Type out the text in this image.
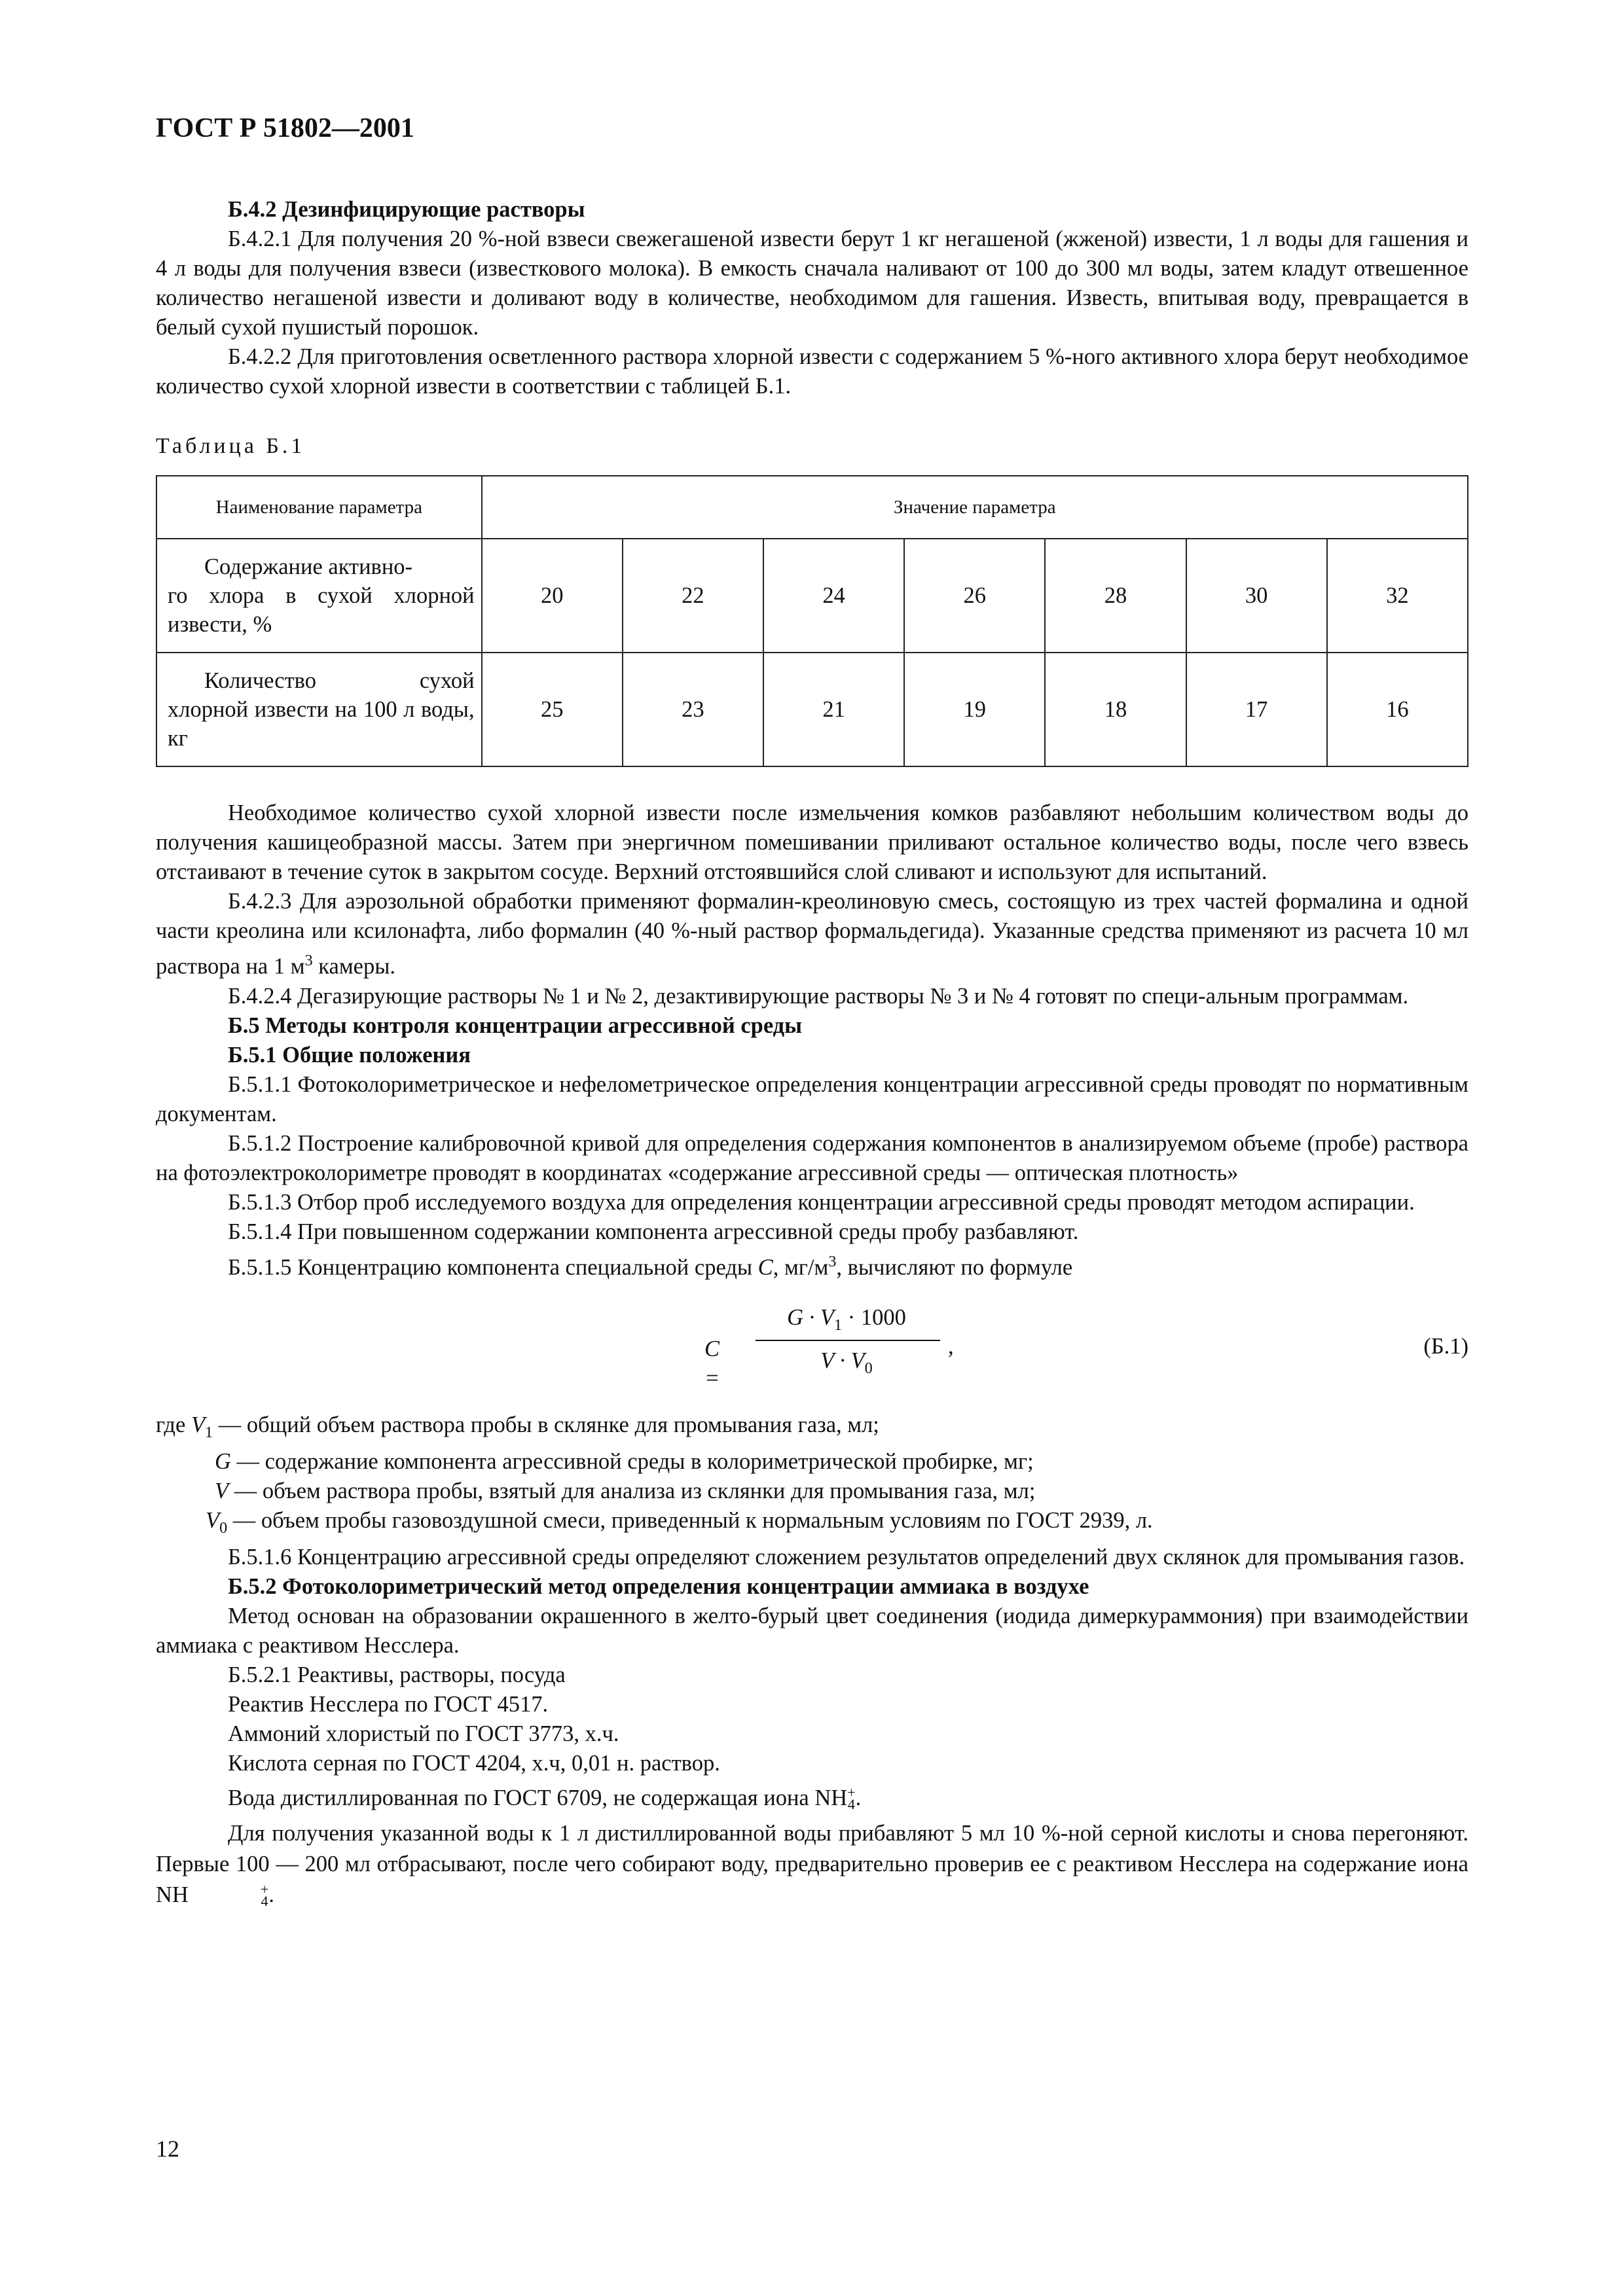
ГОСТ Р 51802—2001

Б.4.2 Дезинфицирующие растворы

Б.4.2.1 Для получения 20 %-ной взвеси свежегашеной извести берут 1 кг негашеной (жженой) извести, 1 л воды для гашения и 4 л воды для получения взвеси (известкового молока). В емкость сначала наливают от 100 до 300 мл воды, затем кладут отвешенное количество негашеной извести и доливают воду в количестве, необходимом для гашения. Известь, впитывая воду, превращается в белый сухой пушистый порошок.

Б.4.2.2 Для приготовления осветленного раствора хлорной извести с содержанием 5 %-ного активного хлора берут необходимое количество сухой хлорной извести в соответствии с таблицей Б.1.

Таблица Б.1
Наименование параметра	Значение параметра						

Содержание активно-
го хлора в сухой хлорной извести, %	20	22	24	26	28	30	32

Количество сухой
хлорной извести на 100 л воды, кг	25	23	21	19	18	17	16

Необходимое количество сухой хлорной извести после измельчения комков разбавляют небольшим количеством воды до получения кашицеобразной массы. Затем при энергичном помешивании приливают остальное количество воды, после чего взвесь отстаивают в течение суток в закрытом сосуде. Верхний отстоявшийся слой сливают и используют для испытаний.

Б.4.2.3 Для аэрозольной обработки применяют формалин-креолиновую смесь, состоящую из трех частей формалина и одной части креолина или ксилонафта, либо формалин (40 %-ный раствор формальдегида). Указанные средства применяют из расчета 10 мл раствора на 1 $м^3$ камеры.

Б.4.2.4 Дегазирующие растворы № 1 и № 2, дезактивирующие растворы № 3 и № 4 готовят по специ-альным программам.

Б.5 Методы контроля концентрации агрессивной среды

Б.5.1 Общие положения

Б.5.1.1 Фотоколориметрическое и нефелометрическое определения концентрации агрессивной среды проводят по нормативным документам.

Б.5.1.2 Построение калибровочной кривой для определения содержания компонентов в анализируемом объеме (пробе) раствора на фотоэлектроколориметре проводят в координатах «содержание агрессивной среды — оптическая плотность»

Б.5.1.3 Отбор проб исследуемого воздуха для определения концентрации агрессивной среды проводят методом аспирации.

Б.5.1.4 При повышенном содержании компонента агрессивной среды пробу разбавляют.

Б.5.1.5 Концентрацию компонента специальной среды C, $мг/м^3$, вычисляют по формуле

C =
$G \cdot V_1 \cdot 1000$
$V \cdot V_0$
,	(Б.1)

где $V_1$ — общий объем раствора пробы в склянке для промывания газа, мл;

G — содержание компонента агрессивной среды в колориметрической пробирке, мг;

V — объем раствора пробы, взятый для анализа из склянки для промывания газа, мл;

$V_0$ — объем пробы газовоздушной смеси, приведенный к нормальным условиям по ГОСТ 2939, л.

Б.5.1.6 Концентрацию агрессивной среды определяют сложением результатов определений двух склянок для промывания газов.

Б.5.2 Фотоколориметрический метод определения концентрации аммиака в воздухе

Метод основан на образовании окрашенного в желто-бурый цвет соединения (иодида димеркураммония) при взаимодействии аммиака с реактивом Несслера.

Б.5.2.1 Реактивы, растворы, посуда

Реактив Несслера по ГОСТ 4517.

Аммоний хлористый по ГОСТ 3773, х.ч.

Кислота серная по ГОСТ 4204, х.ч, 0,01 н. раствор.

Вода дистиллированная по ГОСТ 6709, не содержащая иона NH +
4 .

Для получения указанной воды к 1 л дистиллированной воды прибавляют 5 мл 10 %-ной серной кислоты и снова перегоняют. Первые 100 — 200 мл отбрасывают, после чего собирают воду, предварительно проверив ее с реактивом Несслера на содержание иона NH	+
4 .

12
